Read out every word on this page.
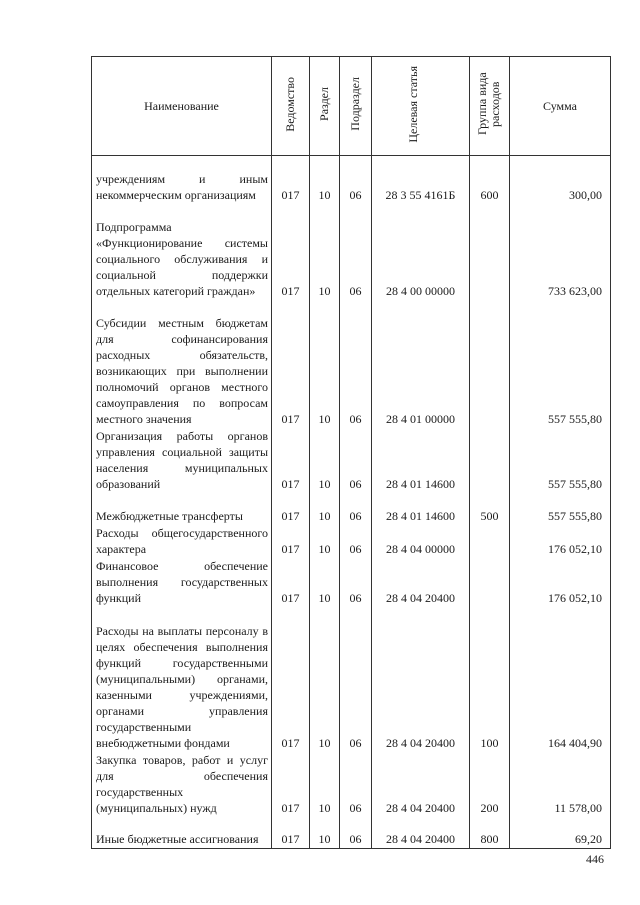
Наименование	Ведомство	Раздел	Подраздел	Целевая статья	Группа вида расходов	Сумма
учреждениям и иным некоммерческим организациям	017	10	06	28 3 55 4161Б	600	300,00
Подпрограмма «Функционирование системы социального обслуживания и социальной поддержки отдельных категорий граждан»	017	10	06	28 4 00 00000		733 623,00
Субсидии местным бюджетам для софинансирования расходных обязательств, возникающих при выполнении полномочий органов местного самоуправления по вопросам местного значения	017	10	06	28 4 01 00000		557 555,80
Организация работы органов управления социальной защиты населения муниципальных образований	017	10	06	28 4 01 14600		557 555,80
Межбюджетные трансферты	017	10	06	28 4 01 14600	500	557 555,80
Расходы общегосударственного характера	017	10	06	28 4 04 00000		176 052,10
Финансовое обеспечение выполнения государственных функций	017	10	06	28 4 04 20400		176 052,10
Расходы на выплаты персоналу в целях обеспечения выполнения функций государственными (муниципальными) органами, казенными учреждениями, органами управления государственными внебюджетными фондами	017	10	06	28 4 04 20400	100	164 404,90
Закупка товаров, работ и услуг для обеспечения государственных (муниципальных) нужд	017	10	06	28 4 04 20400	200	11 578,00
Иные бюджетные ассигнования	017	10	06	28 4 04 20400	800	69,20
446
